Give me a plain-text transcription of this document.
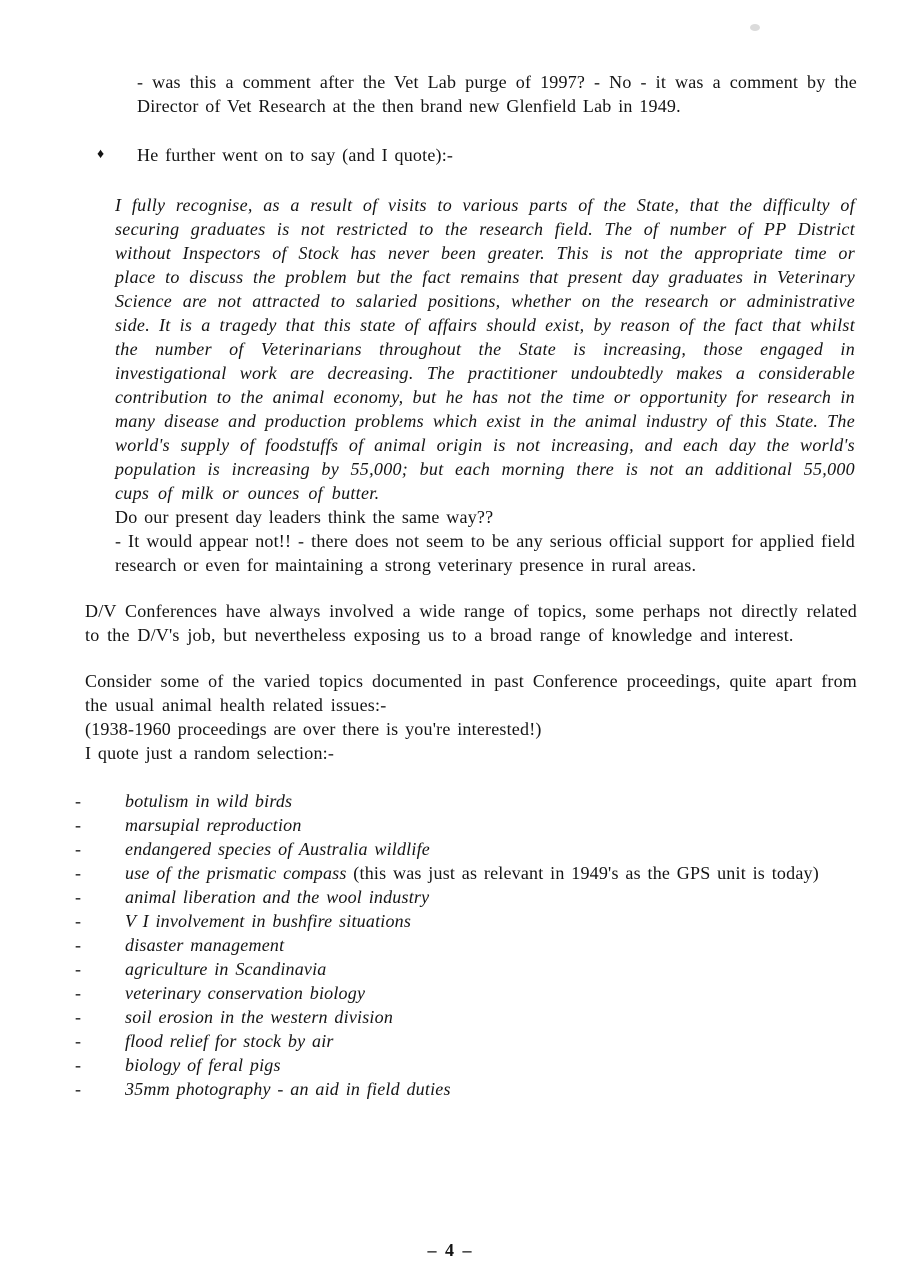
- was this a comment after the Vet Lab purge of 1997? - No - it was a comment by the Director of Vet Research at the then brand new Glenfield Lab in 1949.

♦	He further went on to say (and I quote):-

I fully recognise, as a result of visits to various parts of the State, that the difficulty of securing graduates is not restricted to the research field. The of number of PP District without Inspectors of Stock has never been greater. This is not the appropriate time or place to discuss the problem but the fact remains that present day graduates in Veterinary Science are not attracted to salaried positions, whether on the research or administrative side. It is a tragedy that this state of affairs should exist, by reason of the fact that whilst the number of Veterinarians throughout the State is increasing, those engaged in investigational work are decreasing. The practitioner undoubtedly makes a considerable contribution to the animal economy, but he has not the time or opportunity for research in many disease and production problems which exist in the animal industry of this State. The world's supply of foodstuffs of animal origin is not increasing, and each day the world's population is increasing by 55,000; but each morning there is not an additional 55,000 cups of milk or ounces of butter.

Do our present day leaders think the same way??

- It would appear not!! - there does not seem to be any serious official support for applied field research or even for maintaining a strong veterinary presence in rural areas.

D/V Conferences have always involved a wide range of topics, some perhaps not directly related to the D/V's job, but nevertheless exposing us to a broad range of knowledge and interest.

Consider some of the varied topics documented in past Conference proceedings, quite apart from the usual animal health related issues:-

(1938-1960 proceedings are over there is you're interested!)

I quote just a random selection:-

-	botulism in wild birds
-	marsupial reproduction
-	endangered species of Australia wildlife
-	use of the prismatic compass (this was just as relevant in 1949's as the GPS unit is today)
-	animal liberation and the wool industry
-	V I involvement in bushfire situations
-	disaster management
-	agriculture in Scandinavia
-	veterinary conservation biology
-	soil erosion in the western division
-	flood relief for stock by air
-	biology of feral pigs
-	35mm photography - an aid in field duties
– 4 –
